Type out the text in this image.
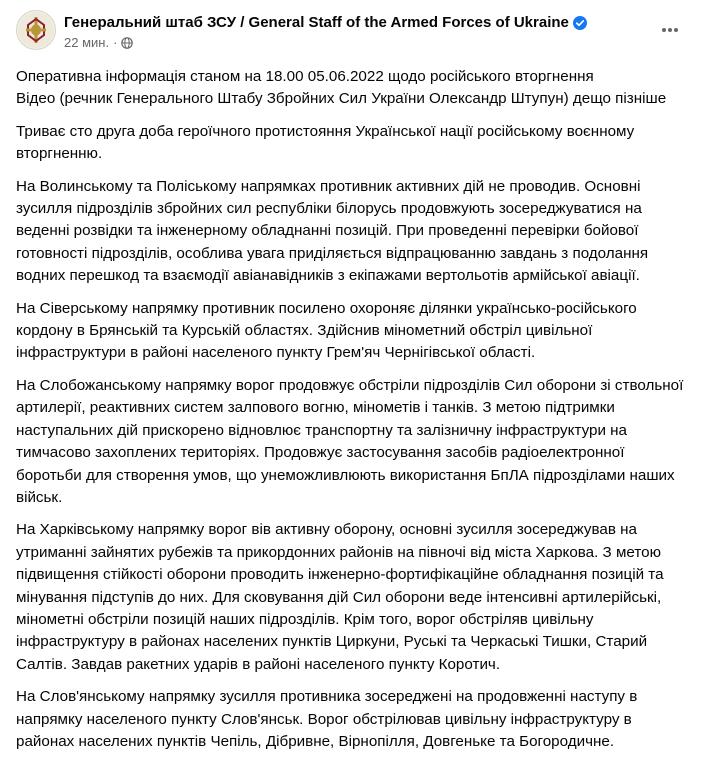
Генеральний штаб ЗСУ / General Staff of the Armed Forces of Ukraine
22 мин. ·

Оперативна інформація станом на 18.00 05.06.2022 щодо російського вторгнення

Відео (речник Генерального Штабу Збройних Сил України Олександр Штупун) дещо пізніше

Триває сто друга доба героїчного протистояння Української нації російському воєнному вторгненню.

На Волинському та Поліському напрямках противник активних дій не проводив. Основні зусилля підрозділів збройних сил республіки білорусь продовжують зосереджуватися на веденні розвідки та інженерному обладнанні позицій. При проведенні перевірки бойової готовності підрозділів, особлива увага приділяється відпрацюванню завдань з подолання водних перешкод та взаємодії авіанавідників з екіпажами вертольотів армійської авіації.

На Сіверському напрямку противник посилено охороняє ділянки українсько-російського кордону в Брянській та Курській областях. Здійснив мінометний обстріл цивільної інфраструктури в районі населеного пункту Грем'яч Чернігівської області.

На Слобожанському напрямку ворог продовжує обстріли підрозділів Сил оборони зі ствольної артилерії, реактивних систем залпового вогню, мінометів і танків. З метою підтримки наступальних дій прискорено відновлює транспортну та залізничну інфраструктури на тимчасово захоплених територіях. Продовжує застосування засобів радіоелектронної боротьби для створення умов, що унеможливлюють використання БпЛА підрозділами наших військ.

На Харківському напрямку ворог вів активну оборону, основні зусилля зосереджував на утриманні зайнятих рубежів та прикордонних районів на півночі від міста Харкова. З метою підвищення стійкості оборони проводить інженерно-фортифікаційне обладнання позицій та мінування підступів до них. Для сковування дій Сил оборони веде інтенсивні артилерійські, мінометні обстріли позицій наших підрозділів. Крім того, ворог обстріляв цивільну інфраструктуру в районах населених пунктів Циркуни, Руські та Черкаські Тишки, Старий Салтів. Завдав ракетних ударів в районі населеного пункту Коротич.

На Слов'янському напрямку зусилля противника зосереджені на продовженні наступу в напрямку населеного пункту Слов'янськ. Ворог обстрілював цивільну інфраструктуру в районах населених пунктів Чепіль, Дібривне, Вірнопілля, Довгеньке та Богородичне.
